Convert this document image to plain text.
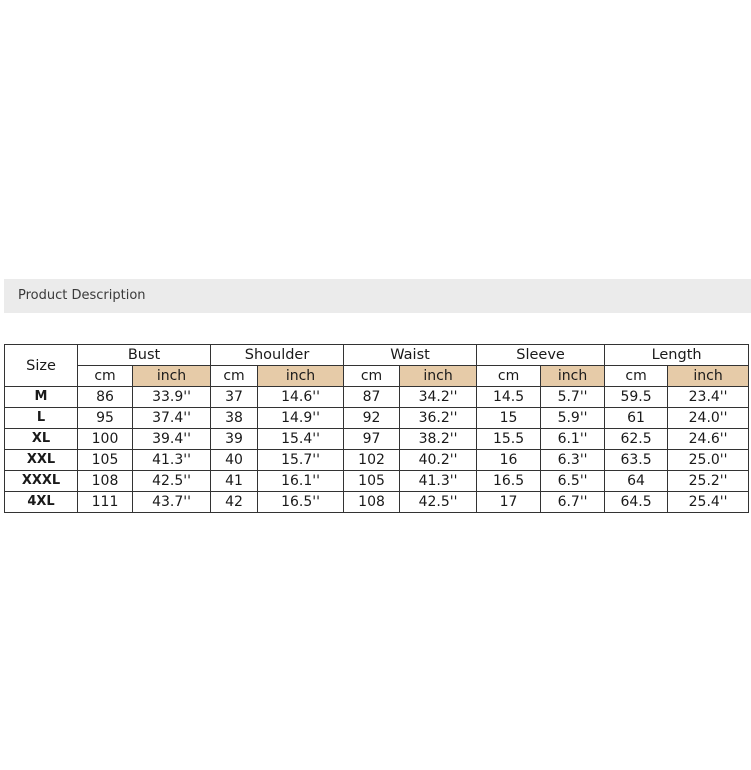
Product Description
Size	Bust		Shoulder		Waist		Sleeve		Length	
	cm	inch	cm	inch	cm	inch	cm	inch	cm	inch
M	86	33.9''	37	14.6''	87	34.2''	14.5	5.7''	59.5	23.4''
L	95	37.4''	38	14.9''	92	36.2''	15	5.9''	61	24.0''
XL	100	39.4''	39	15.4''	97	38.2''	15.5	6.1''	62.5	24.6''
XXL	105	41.3''	40	15.7''	102	40.2''	16	6.3''	63.5	25.0''
XXXL	108	42.5''	41	16.1''	105	41.3''	16.5	6.5''	64	25.2''
4XL	111	43.7''	42	16.5''	108	42.5''	17	6.7''	64.5	25.4''
